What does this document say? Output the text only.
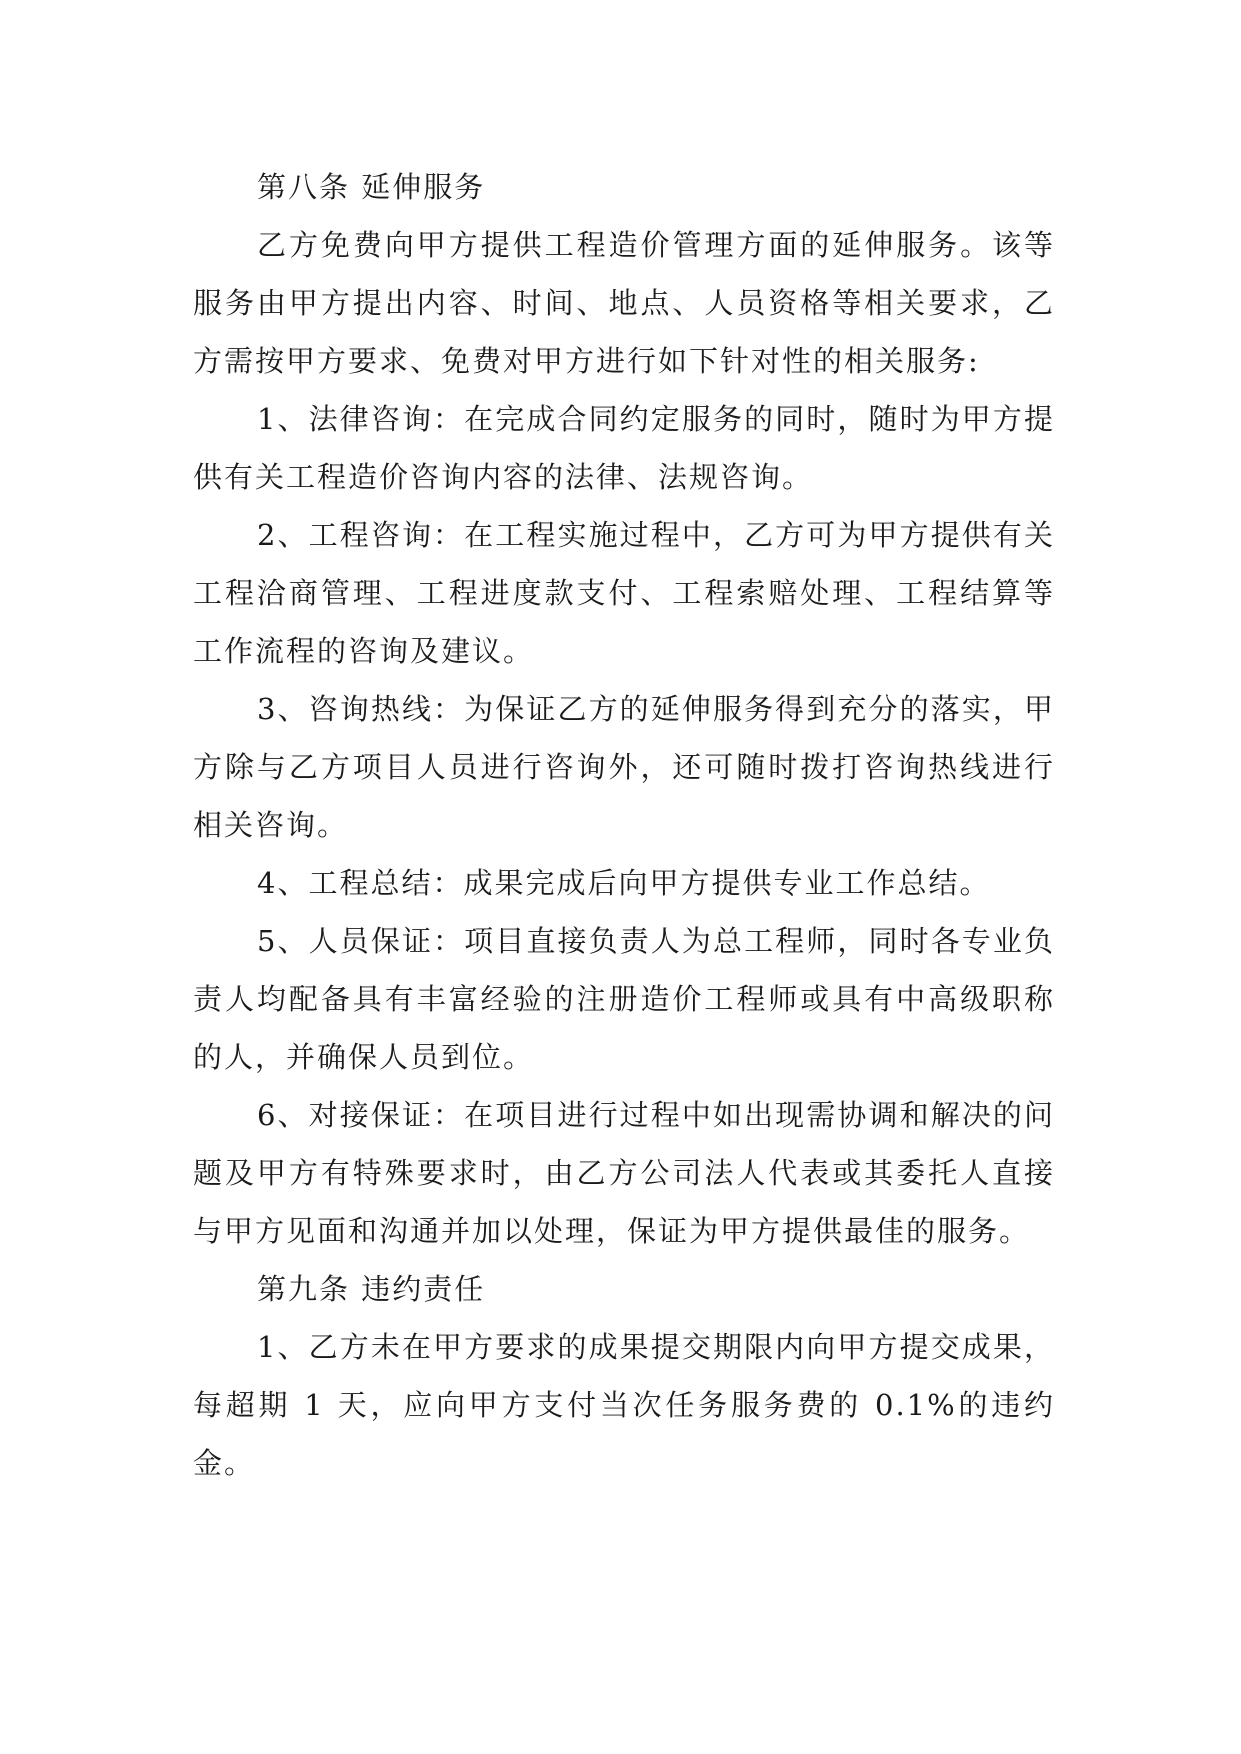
第八条 延伸服务

乙方免费向甲方提供工程造价管理方面的延伸服务。该等服务由甲方提出内容、时间、地点、人员资格等相关要求，乙方需按甲方要求、免费对甲方进行如下针对性的相关服务:

1、法律咨询：在完成合同约定服务的同时，随时为甲方提供有关工程造价咨询内容的法律、法规咨询。

2、工程咨询：在工程实施过程中，乙方可为甲方提供有关工程洽商管理、工程进度款支付、工程索赔处理、工程结算等工作流程的咨询及建议。

3、咨询热线：为保证乙方的延伸服务得到充分的落实，甲方除与乙方项目人员进行咨询外，还可随时拨打咨询热线进行相关咨询。

4、工程总结：成果完成后向甲方提供专业工作总结。

5、人员保证：项目直接负责人为总工程师，同时各专业负责人均配备具有丰富经验的注册造价工程师或具有中高级职称的人，并确保人员到位。

6、对接保证：在项目进行过程中如出现需协调和解决的问题及甲方有特殊要求时，由乙方公司法人代表或其委托人直接与甲方见面和沟通并加以处理，保证为甲方提供最佳的服务。

第九条 违约责任

1、乙方未在甲方要求的成果提交期限内向甲方提交成果，每超期 1 天，应向甲方支付当次任务服务费的 0.1%的违约金。
